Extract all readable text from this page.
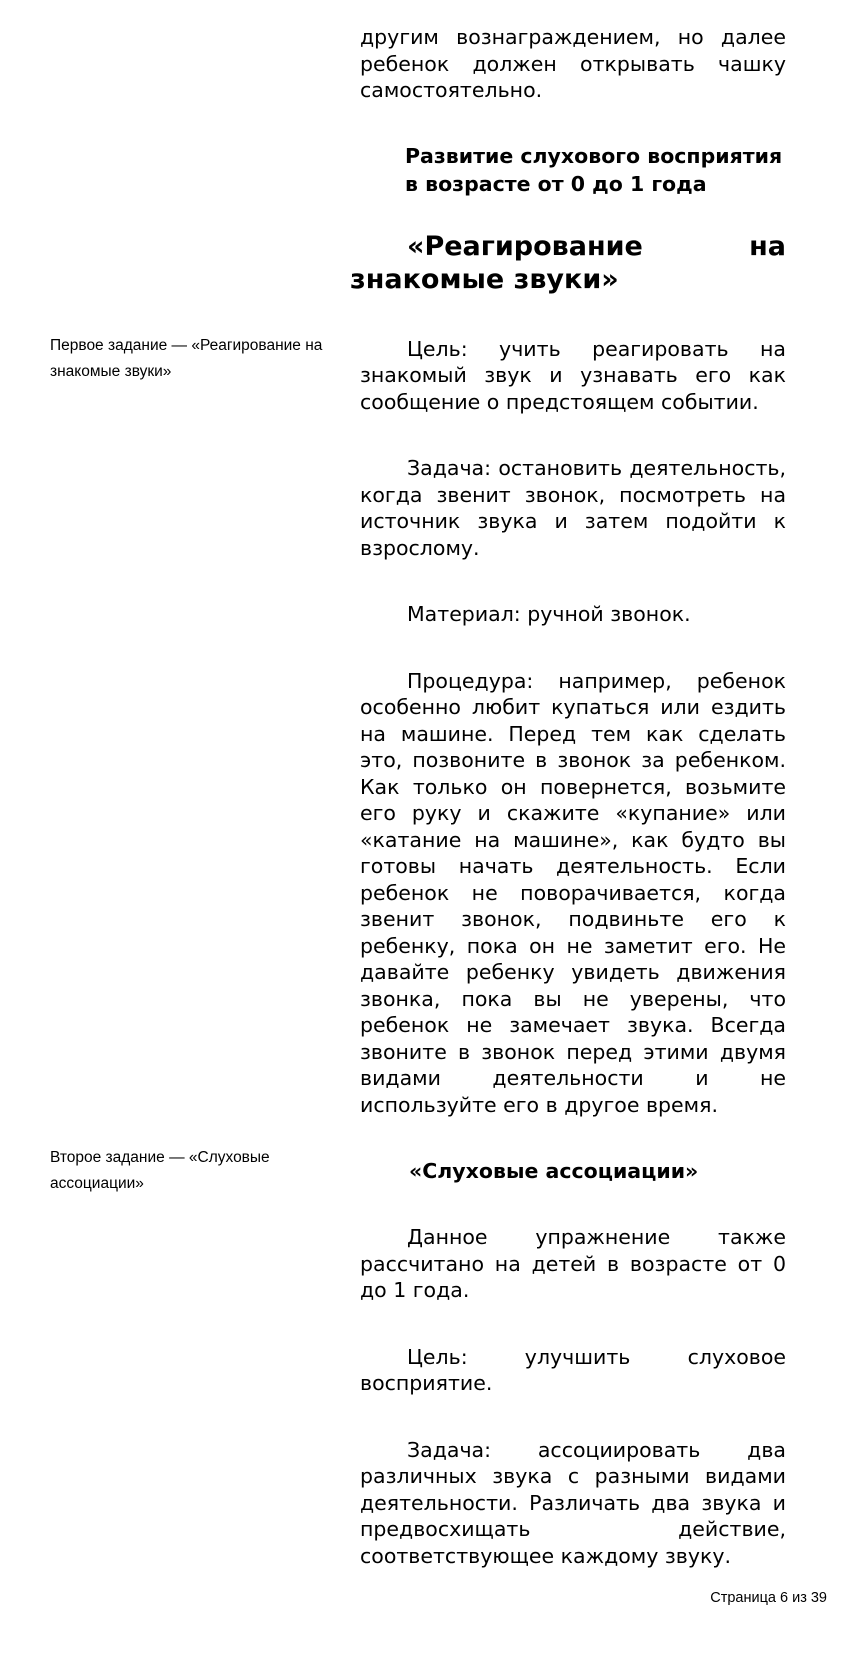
другим вознаграждением, но далее ребенок должен открывать чашку самостоятельно.

Развитие слухового восприятия
в возрасте от 0 до 1 года
«Реагирование	на
знакомые звуки»

Цель: учить реагировать на знакомый звук и узнавать его как сообщение о предстоящем событии.

Задача: остановить деятельность, когда звенит звонок, посмотреть на источник звука и затем подойти к взрослому.

Материал: ручной звонок.

Процедура: например, ребенок особенно любит купаться или ездить на машине. Перед тем как сделать это, позвоните в звонок за ребенком. Как только он повернется, возьмите его руку и скажите «купание» или «катание на машине», как будто вы готовы начать деятельность. Если ребенок не поворачивается, когда звенит звонок, подвиньте его к ребенку, пока он не заметит его. Не давайте ребенку увидеть движения звонка, пока вы не уверены, что ребенок не замечает звука. Всегда звоните в звонок перед этими двумя видами деятельности и не используйте его в другое время.

«Слуховые ассоциации»

Данное упражнение также рассчитано на детей в возрасте от 0 до 1 года.

Цель: улучшить слуховое восприятие.

Задача: ассоциировать два различных звука с разными видами деятельности. Различать два звука и предвосхищать действие, соответствующее каждому звуку.

Первое задание — «Реагирование на знакомые звуки»
Второе задание — «Слуховые ассоциации»
Страница 6 из 39
